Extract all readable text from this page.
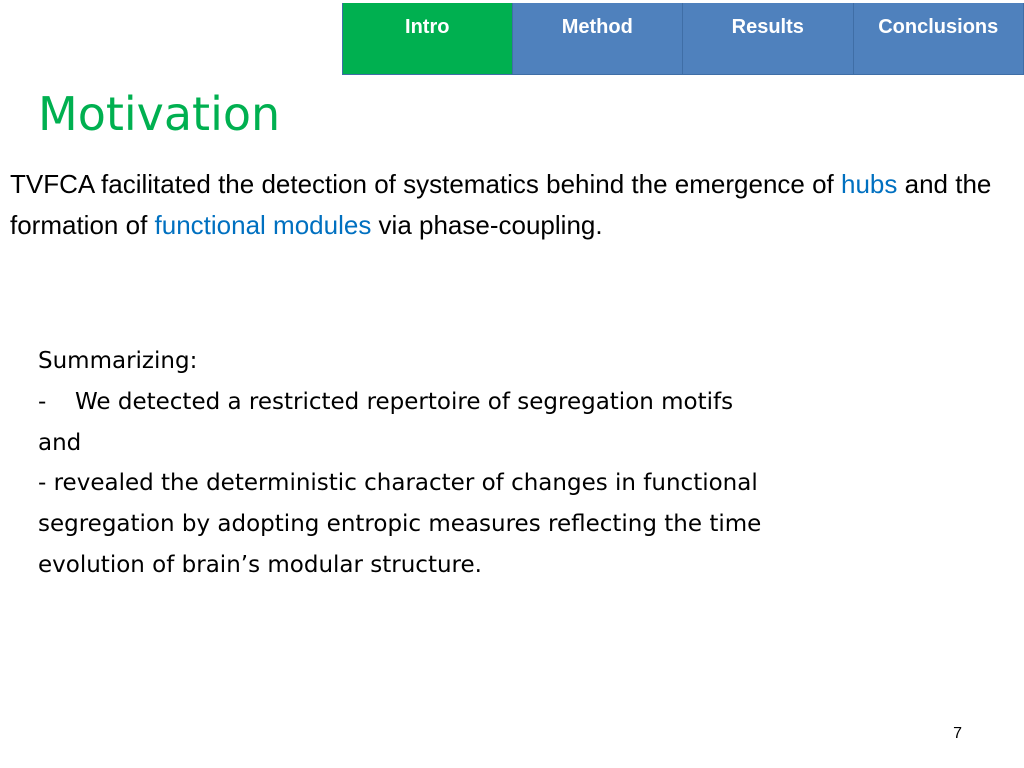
Intro	Method	Results	Conclusions
Motivation

TVFCA facilitated the detection of systematics behind the emergence of hubs and the formation of functional modules via phase-coupling.

Summarizing:

-	We detected a restricted repertoire of segregation motifs

and

- revealed the deterministic character of changes in functional

segregation by adopting entropic measures reflecting the time

evolution of brain’s modular structure.

7
